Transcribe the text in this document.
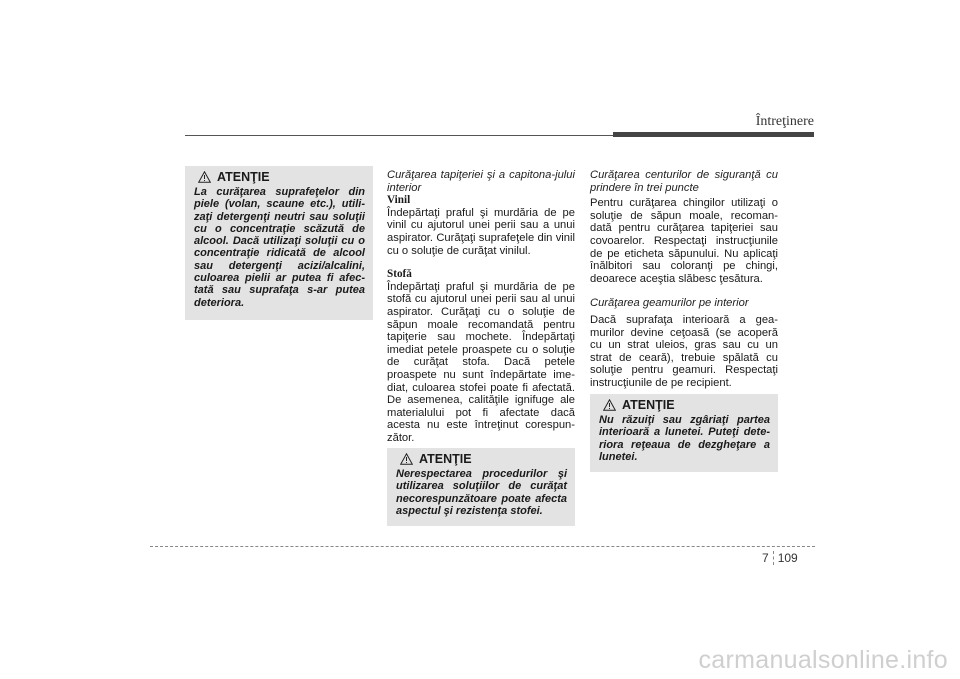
Întreţinere
ATENŢIE

La curăţarea suprafeţelor din piele (volan, scaune etc.), utili-zaţi detergenţi neutri sau soluţii cu o concentraţie scăzută de alcool. Dacă utilizaţi soluţii cu o concentraţie ridicată de alcool sau detergenţi acizi/alcalini, culoarea pielii ar putea fi afec-tată sau suprafaţa s-ar putea deteriora.

Curăţarea tapiţeriei şi a capitona-jului interior

Vinil

Îndepărtaţi praful şi murdăria de pe vinil cu ajutorul unei perii sau a unui aspirator. Curăţaţi suprafeţele din vinil cu o soluţie de curăţat vinilul.

Stofă

Îndepărtaţi praful şi murdăria de pe stofă cu ajutorul unei perii sau al unui aspirator. Curăţaţi cu o soluţie de săpun moale recomandată pentru tapiţerie sau mochete. Îndepărtaţi imediat petele proaspete cu o soluţie de curăţat stofa. Dacă petele proaspete nu sunt îndepărtate ime-diat, culoarea stofei poate fi afectată. De asemenea, calităţile ignifuge ale materialului pot fi afectate dacă acesta nu este întreţinut corespun-zător.

ATENŢIE

Nerespectarea procedurilor şi utilizarea soluţiilor de curăţat necorespunzătoare poate afecta aspectul şi rezistenţa stofei.

Curăţarea centurilor de siguranţă cu prindere în trei puncte

Pentru curăţarea chingilor utilizaţi o soluţie de săpun moale, recoman-dată pentru curăţarea tapiţeriei sau covoarelor. Respectaţi instrucţiunile de pe eticheta săpunului. Nu aplicaţi înălbitori sau coloranţi pe chingi, deoarece aceştia slăbesc ţesătura.

Curăţarea geamurilor pe interior

Dacă suprafaţa interioară a gea-murilor devine ceţoasă (se acoperă cu un strat uleios, gras sau cu un strat de ceară), trebuie spălată cu soluţie pentru geamuri. Respectaţi instrucţiunile de pe recipient.

ATENŢIE

Nu răzuiţi sau zgâriaţi partea interioară a lunetei. Puteţi dete-riora reţeaua de dezgheţare a lunetei.

7 109
carmanualsonline.info
